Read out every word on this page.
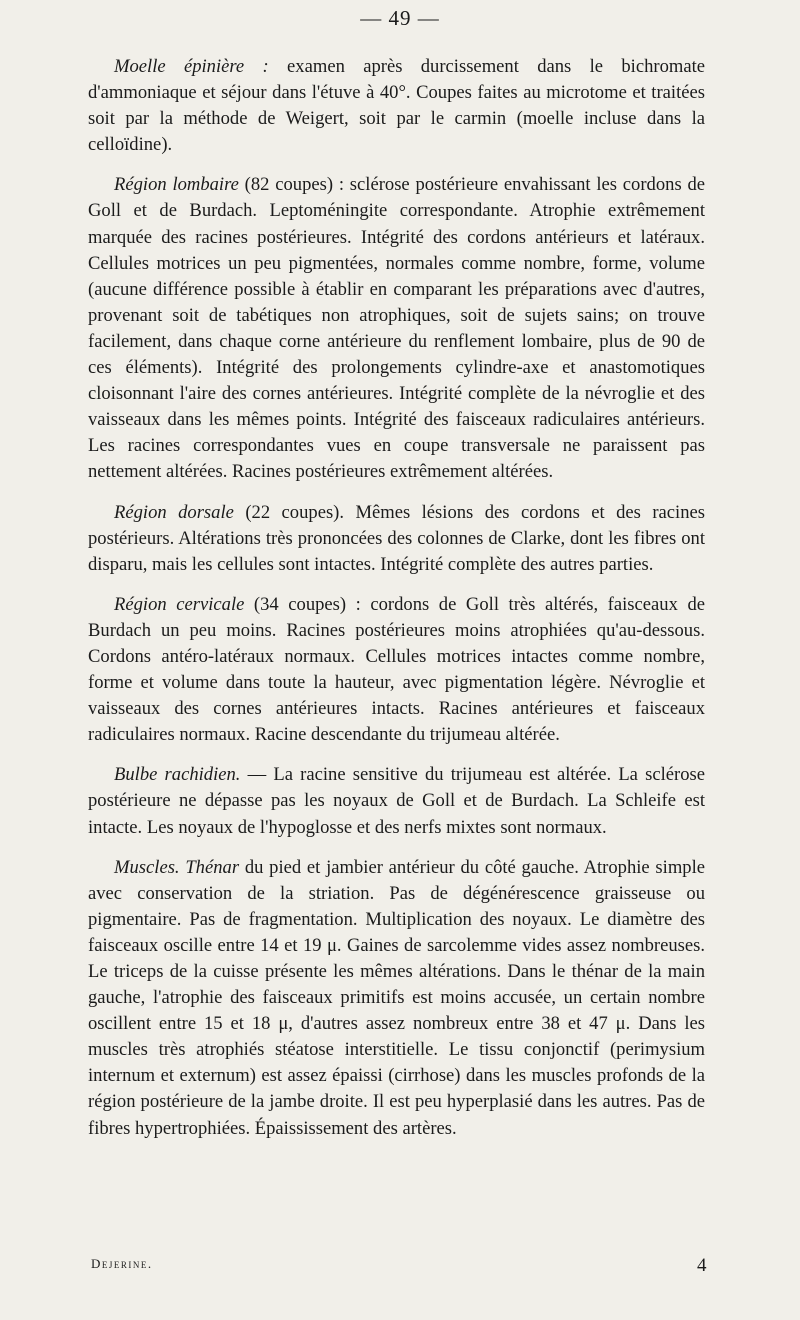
— 49 —

Moelle épinière : examen après durcissement dans le bichromate d'ammoniaque et séjour dans l'étuve à 40°. Coupes faites au microtome et traitées soit par la méthode de Weigert, soit par le carmin (moelle incluse dans la celloïdine).

Région lombaire (82 coupes) : sclérose postérieure envahissant les cordons de Goll et de Burdach. Leptoméningite correspondante. Atrophie extrêmement marquée des racines postérieures. Intégrité des cordons antérieurs et latéraux. Cellules motrices un peu pigmentées, normales comme nombre, forme, volume (aucune différence possible à établir en comparant les préparations avec d'autres, provenant soit de tabétiques non atrophiques, soit de sujets sains; on trouve facilement, dans chaque corne antérieure du renflement lombaire, plus de 90 de ces éléments). Intégrité des prolongements cylindre-axe et anastomotiques cloisonnant l'aire des cornes antérieures. Intégrité complète de la névroglie et des vaisseaux dans les mêmes points. Intégrité des faisceaux radiculaires antérieurs. Les racines correspondantes vues en coupe transversale ne paraissent pas nettement altérées. Racines postérieures extrêmement altérées.

Région dorsale (22 coupes). Mêmes lésions des cordons et des racines postérieurs. Altérations très prononcées des colonnes de Clarke, dont les fibres ont disparu, mais les cellules sont intactes. Intégrité complète des autres parties.

Région cervicale (34 coupes) : cordons de Goll très altérés, faisceaux de Burdach un peu moins. Racines postérieures moins atrophiées qu'au-dessous. Cordons antéro-latéraux normaux. Cellules motrices intactes comme nombre, forme et volume dans toute la hauteur, avec pigmentation légère. Névroglie et vaisseaux des cornes antérieures intacts. Racines antérieures et faisceaux radiculaires normaux. Racine descendante du trijumeau altérée.

Bulbe rachidien. — La racine sensitive du trijumeau est altérée. La sclérose postérieure ne dépasse pas les noyaux de Goll et de Burdach. La Schleife est intacte. Les noyaux de l'hypoglosse et des nerfs mixtes sont normaux.

Muscles. Thénar du pied et jambier antérieur du côté gauche. Atrophie simple avec conservation de la striation. Pas de dégénérescence graisseuse ou pigmentaire. Pas de fragmentation. Multiplication des noyaux. Le diamètre des faisceaux oscille entre 14 et 19 μ. Gaines de sarcolemme vides assez nombreuses. Le triceps de la cuisse présente les mêmes altérations. Dans le thénar de la main gauche, l'atrophie des faisceaux primitifs est moins accusée, un certain nombre oscillent entre 15 et 18 μ, d'autres assez nombreux entre 38 et 47 μ. Dans les muscles très atrophiés stéatose interstitielle. Le tissu conjonctif (perimysium internum et externum) est assez épaissi (cirrhose) dans les muscles profonds de la région postérieure de la jambe droite. Il est peu hyperplasié dans les autres. Pas de fibres hypertrophiées. Épaississement des artères.

Dejerine.	4
